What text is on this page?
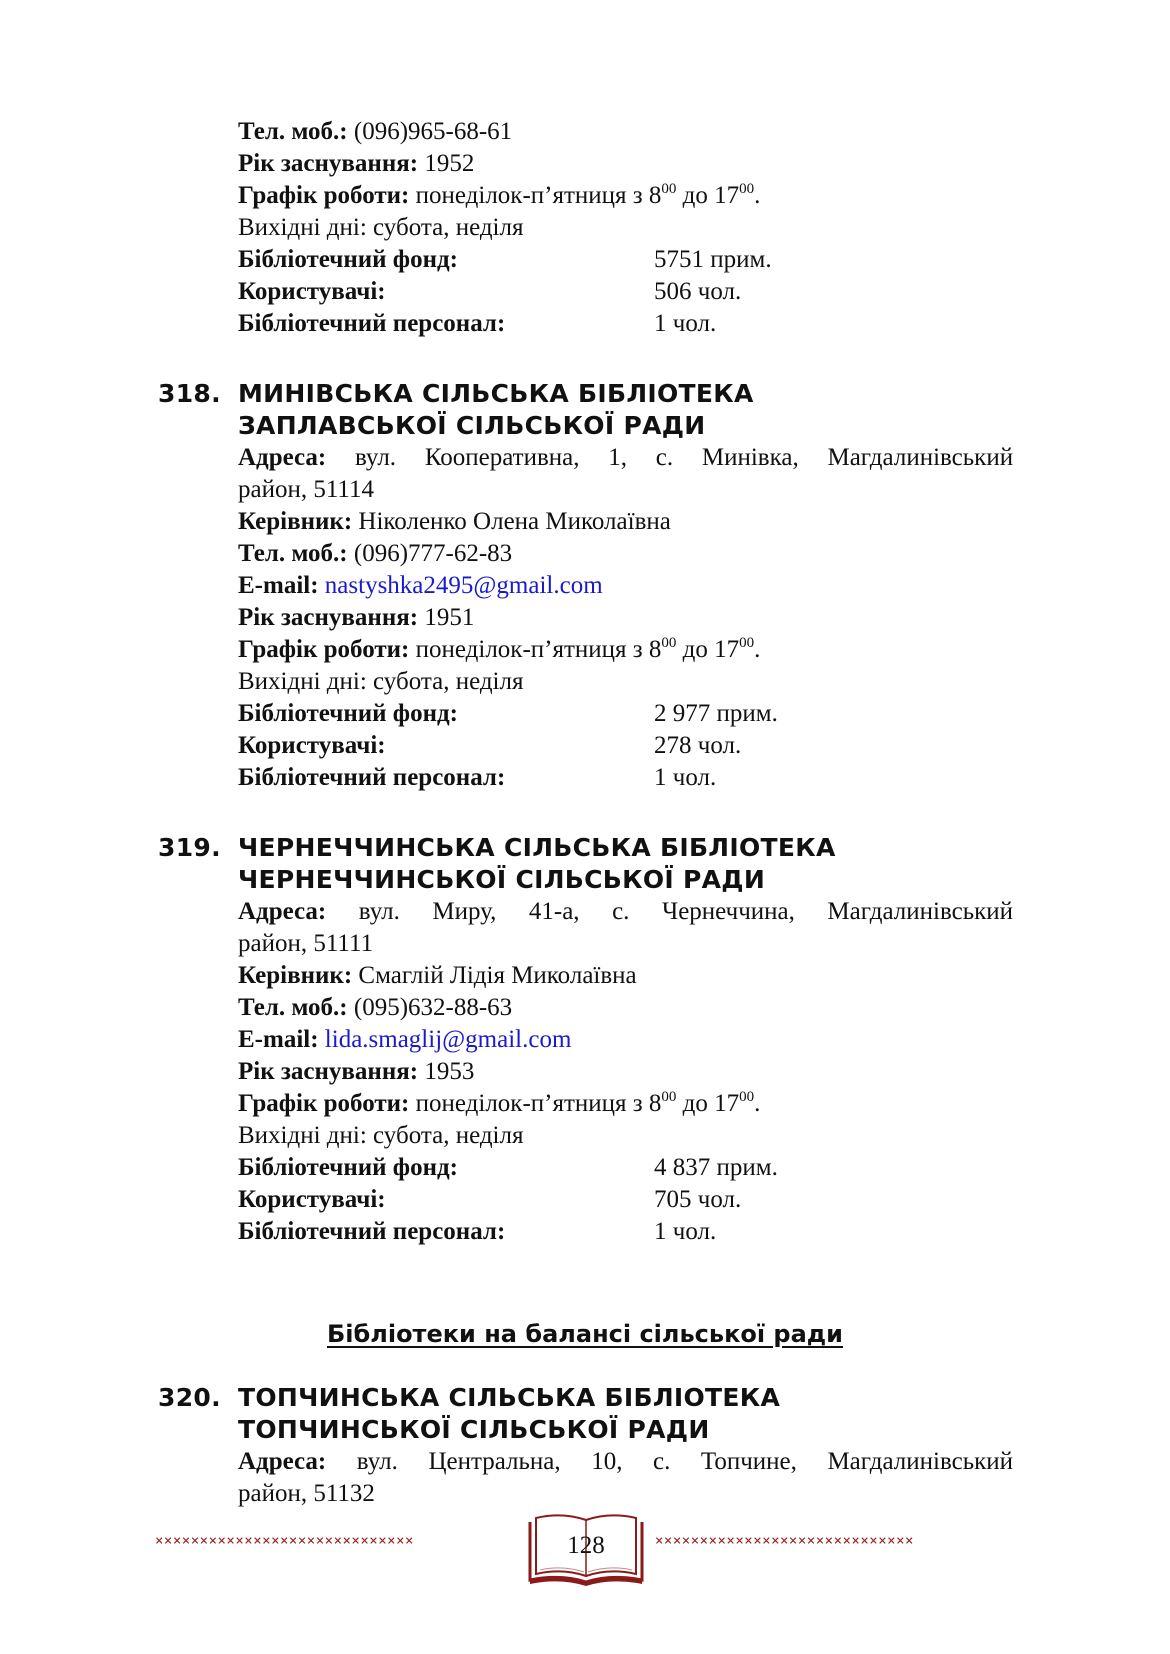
Тел. моб.: (096)965-68-61
Рік заснування: 1952
Графік роботи: понеділок-п’ятниця з $8^{00}$ до $17^{00}$.
Вихідні дні: субота, неділя
Бібліотечний фонд:	5751 прим.
Користувачі:	506 чол.
Бібліотечний персонал:	1 чол.
318. МИНІВСЬКА СІЛЬСЬКА БІБЛІОТЕКА
ЗАПЛАВСЬКОЇ СІЛЬСЬКОЇ РАДИ
Адреса: вул. Кооперативна, 1, с. Минівка, Магдалинівський
район, 51114
Керівник: Ніколенко Олена Миколаївна
Тел. моб.: (096)777-62-83
E-mail: nastyshka2495@gmail.com
Рік заснування: 1951
Графік роботи: понеділок-п’ятниця з $8^{00}$ до $17^{00}$.
Вихідні дні: субота, неділя
Бібліотечний фонд:	2 977 прим.
Користувачі:	278 чол.
Бібліотечний персонал:	1 чол.
319. ЧЕРНЕЧЧИНСЬКА СІЛЬСЬКА БІБЛІОТЕКА
ЧЕРНЕЧЧИНСЬКОЇ СІЛЬСЬКОЇ РАДИ
Адреса: вул. Миру, 41-а, с. Чернеччина, Магдалинівський
район, 51111
Керівник: Смаглій Лідія Миколаївна
Тел. моб.: (095)632-88-63
E-mail: lida.smaglij@gmail.com
Рік заснування: 1953
Графік роботи: понеділок-п’ятниця з $8^{00}$ до $17^{00}$.
Вихідні дні: субота, неділя
Бібліотечний фонд:	4 837 прим.
Користувачі:	705 чол.
Бібліотечний персонал:	1 чол.
Бібліотеки на балансі сільської ради
320. ТОПЧИНСЬКА СІЛЬСЬКА БІБЛІОТЕКА
ТОПЧИНСЬКОЇ СІЛЬСЬКОЇ РАДИ
Адреса: вул. Центральна, 10, с. Топчине, Магдалинівський
район, 51132
×××××××××××××××××××××××××××××	×××××××××××××××××××××××××××××
128
